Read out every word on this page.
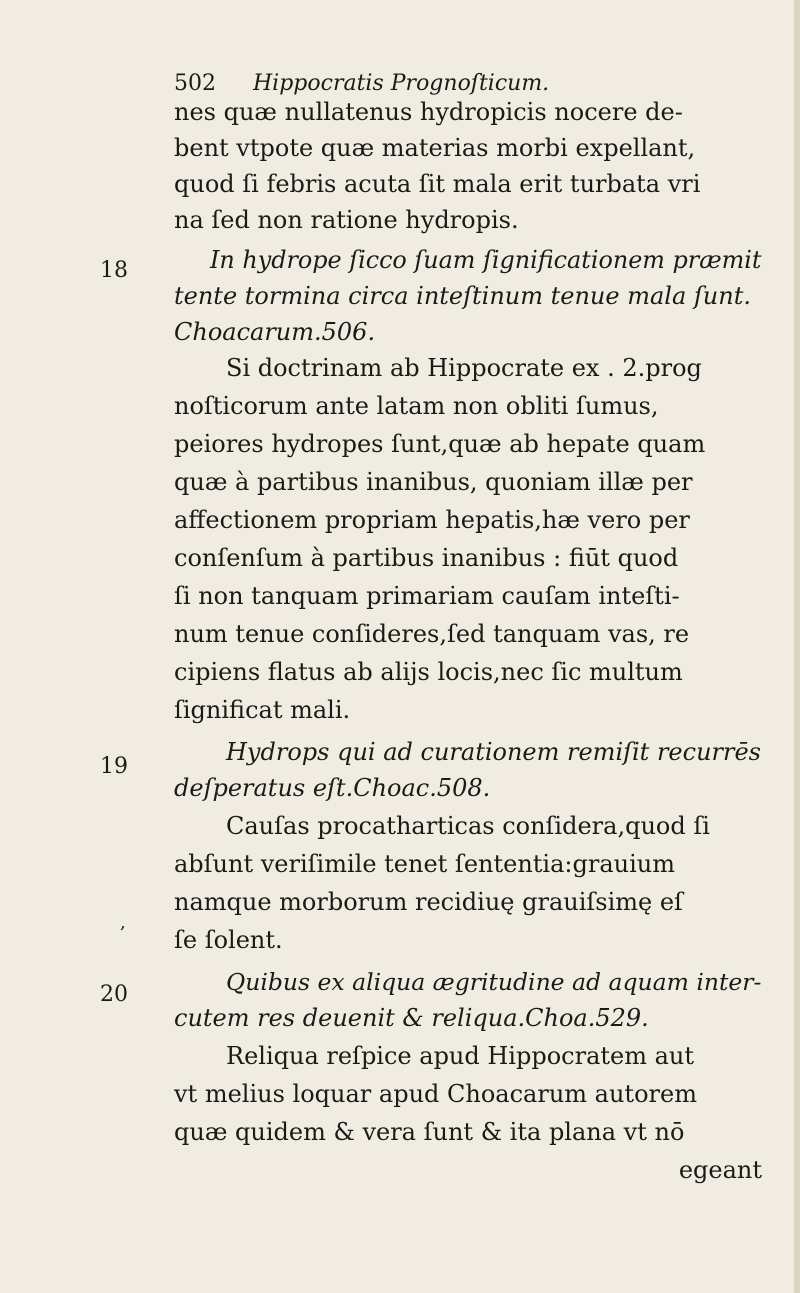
502 Hippocratis Prognoſticum.
18
19
20
,
nes quæ nullatenus hydropicis nocere de-
bent vtpote quæ materias morbi expellant,
quod ſi febris acuta ſit mala erit turbata vri
na ſed non ratione hydropis.
In hydrope ſicco ſuam ſignificationem præmit
tente tormina circa inteſtinum tenue mala ſunt.
Choacarum.506.
Si doctrinam ab Hippocrate ex . 2.prog
noſticorum ante latam non obliti ſumus,
peiores hydropes ſunt,quæ ab hepate quam
quæ à partibus inanibus, quoniam illæ per
affectionem propriam hepatis,hæ vero per
conſenſum à partibus inanibus : fiūt quod
ſi non tanquam primariam cauſam inteſti-
num tenue conſideres,ſed tanquam vas, re
cipiens flatus ab alijs locis,nec ſic multum
ſignificat mali.
Hydrops qui ad curationem remiſit recurrēs
deſperatus eſt.Choac.508.
Cauſas procatharticas conſidera,quod ſi
abſunt veriſimile tenet ſententia:grauium
namque morborum recidiuę grauiſsimę eſ
ſe ſolent.
Quibus ex aliqua ægritudine ad aquam inter-
cutem res deuenit & reliqua.Choa.529.
Reliqua reſpice apud Hippocratem aut
vt melius loquar apud Choacarum autorem
quæ quidem & vera ſunt & ita plana vt nō
egeant
